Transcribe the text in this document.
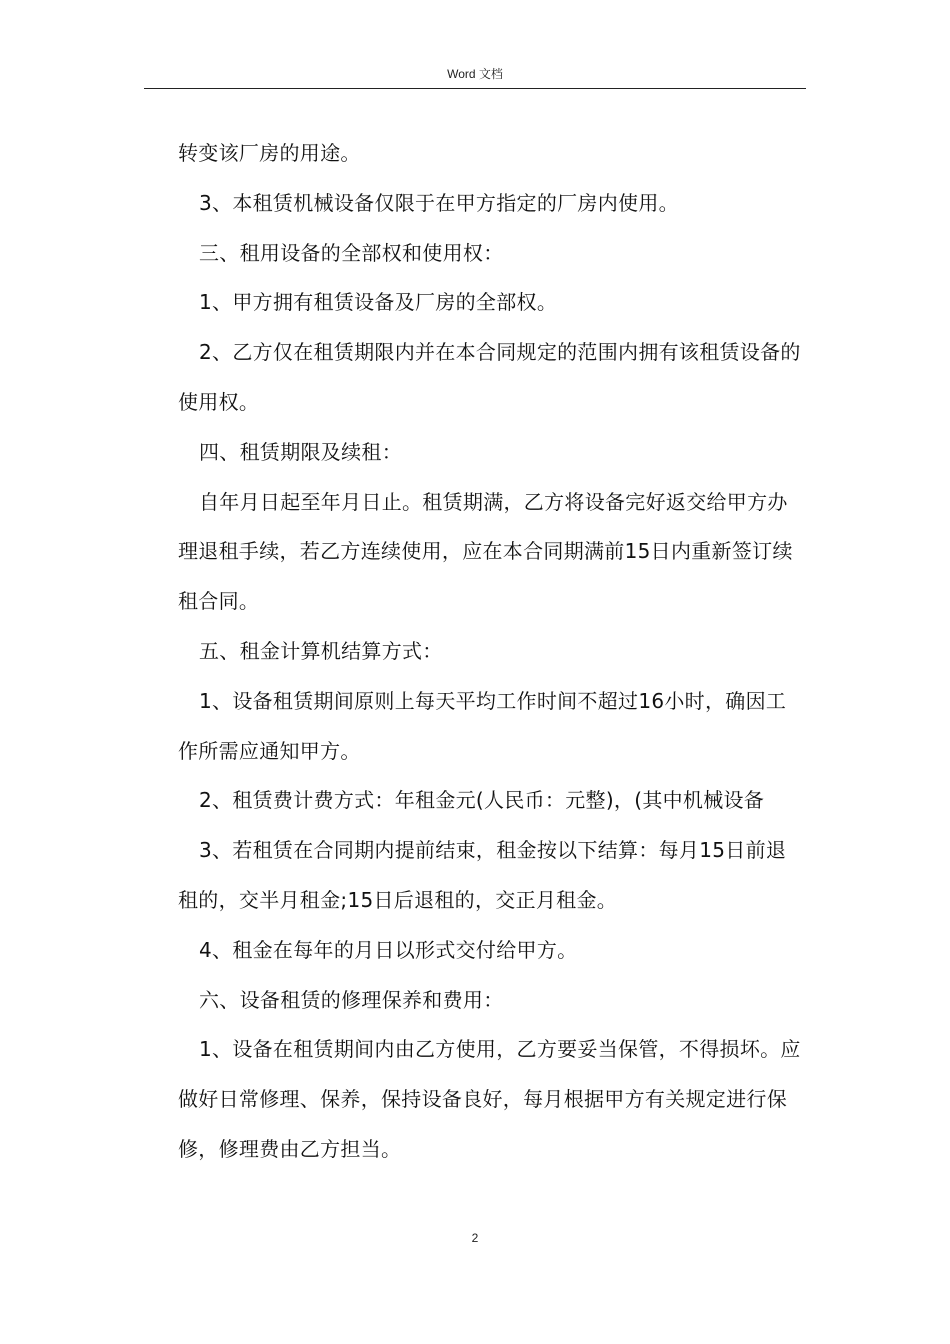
Word 文档

转变该厂房的用途。

3、本租赁机械设备仅限于在甲方指定的厂房内使用。

三、租用设备的全部权和使用权：

1、甲方拥有租赁设备及厂房的全部权。

2、乙方仅在租赁期限内并在本合同规定的范围内拥有该租赁设备的使用权。

四、租赁期限及续租：

自年月日起至年月日止。租赁期满，乙方将设备完好返交给甲方办理退租手续，若乙方连续使用，应在本合同期满前15日内重新签订续租合同。

五、租金计算机结算方式：

1、设备租赁期间原则上每天平均工作时间不超过16小时，确因工作所需应通知甲方。

2、租赁费计费方式：年租金元(人民币：元整)，(其中机械设备

3、若租赁在合同期内提前结束，租金按以下结算：每月15日前退租的，交半月租金;15日后退租的，交正月租金。

4、租金在每年的月日以形式交付给甲方。

六、设备租赁的修理保养和费用：

1、设备在租赁期间内由乙方使用，乙方要妥当保管，不得损坏。应做好日常修理、保养，保持设备良好，每月根据甲方有关规定进行保修，修理费由乙方担当。

2
